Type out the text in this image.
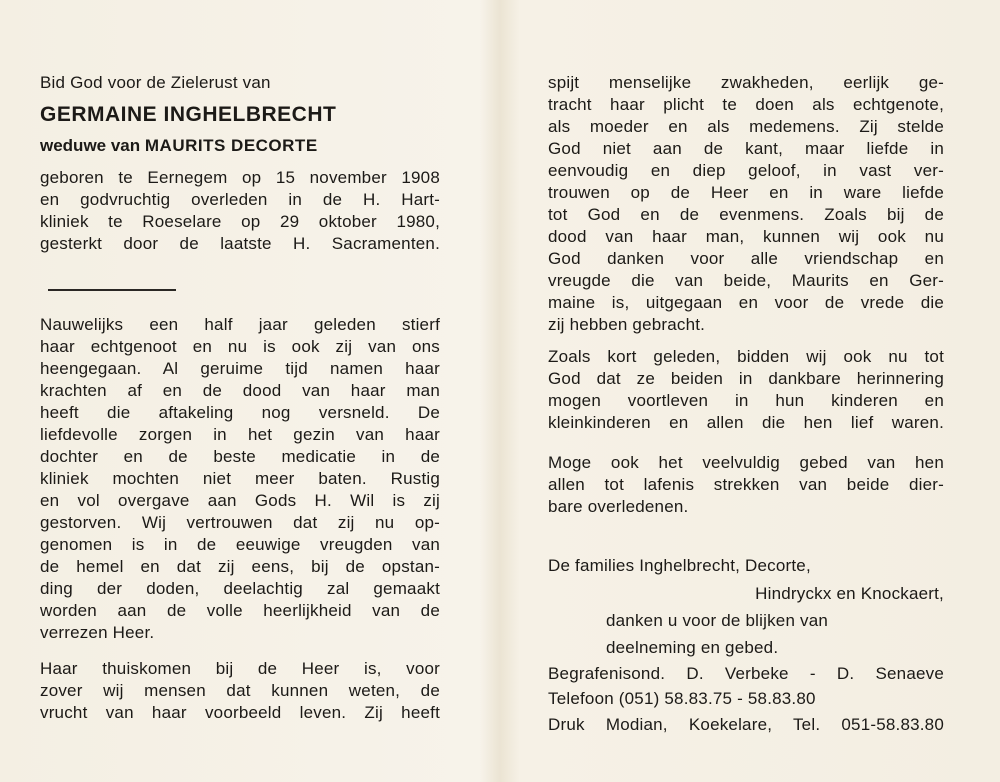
Bid God voor de Zielerust van
GERMAINE INGHELBRECHT
weduwe van MAURITS DECORTE
geboren te Eernegem op 15 november 1908
en godvruchtig overleden in de H. Hart-
kliniek te Roeselare op 29 oktober 1980,
gesterkt door de laatste H. Sacramenten.
Nauwelijks een half jaar geleden stierf
haar echtgenoot en nu is ook zij van ons
heengegaan. Al geruime tijd namen haar
krachten af en de dood van haar man
heeft die aftakeling nog versneld. De
liefdevolle zorgen in het gezin van haar
dochter en de beste medicatie in de
kliniek mochten niet meer baten. Rustig
en vol overgave aan Gods H. Wil is zij
gestorven. Wij vertrouwen dat zij nu op-
genomen is in de eeuwige vreugden van
de hemel en dat zij eens, bij de opstan-
ding der doden, deelachtig zal gemaakt
worden aan de volle heerlijkheid van de
verrezen Heer.
Haar thuiskomen bij de Heer is, voor
zover wij mensen dat kunnen weten, de
vrucht van haar voorbeeld leven. Zij heeft
spijt menselijke zwakheden, eerlijk ge-
tracht haar plicht te doen als echtgenote,
als moeder en als medemens. Zij stelde
God niet aan de kant, maar liefde in
eenvoudig en diep geloof, in vast ver-
trouwen op de Heer en in ware liefde
tot God en de evenmens. Zoals bij de
dood van haar man, kunnen wij ook nu
God danken voor alle vriendschap en
vreugde die van beide, Maurits en Ger-
maine is, uitgegaan en voor de vrede die
zij hebben gebracht.
Zoals kort geleden, bidden wij ook nu tot
God dat ze beiden in dankbare herinnering
mogen voortleven in hun kinderen en
kleinkinderen en allen die hen lief waren.
Moge ook het veelvuldig gebed van hen
allen tot lafenis strekken van beide dier-
bare overledenen.
De families Inghelbrecht, Decorte,
Hindryckx en Knockaert,
danken u voor de blijken van
deelneming en gebed.
Begrafenisond. D. Verbeke - D. Senaeve
Telefoon (051) 58.83.75 - 58.83.80
Druk Modian, Koekelare, Tel. 051-58.83.80
